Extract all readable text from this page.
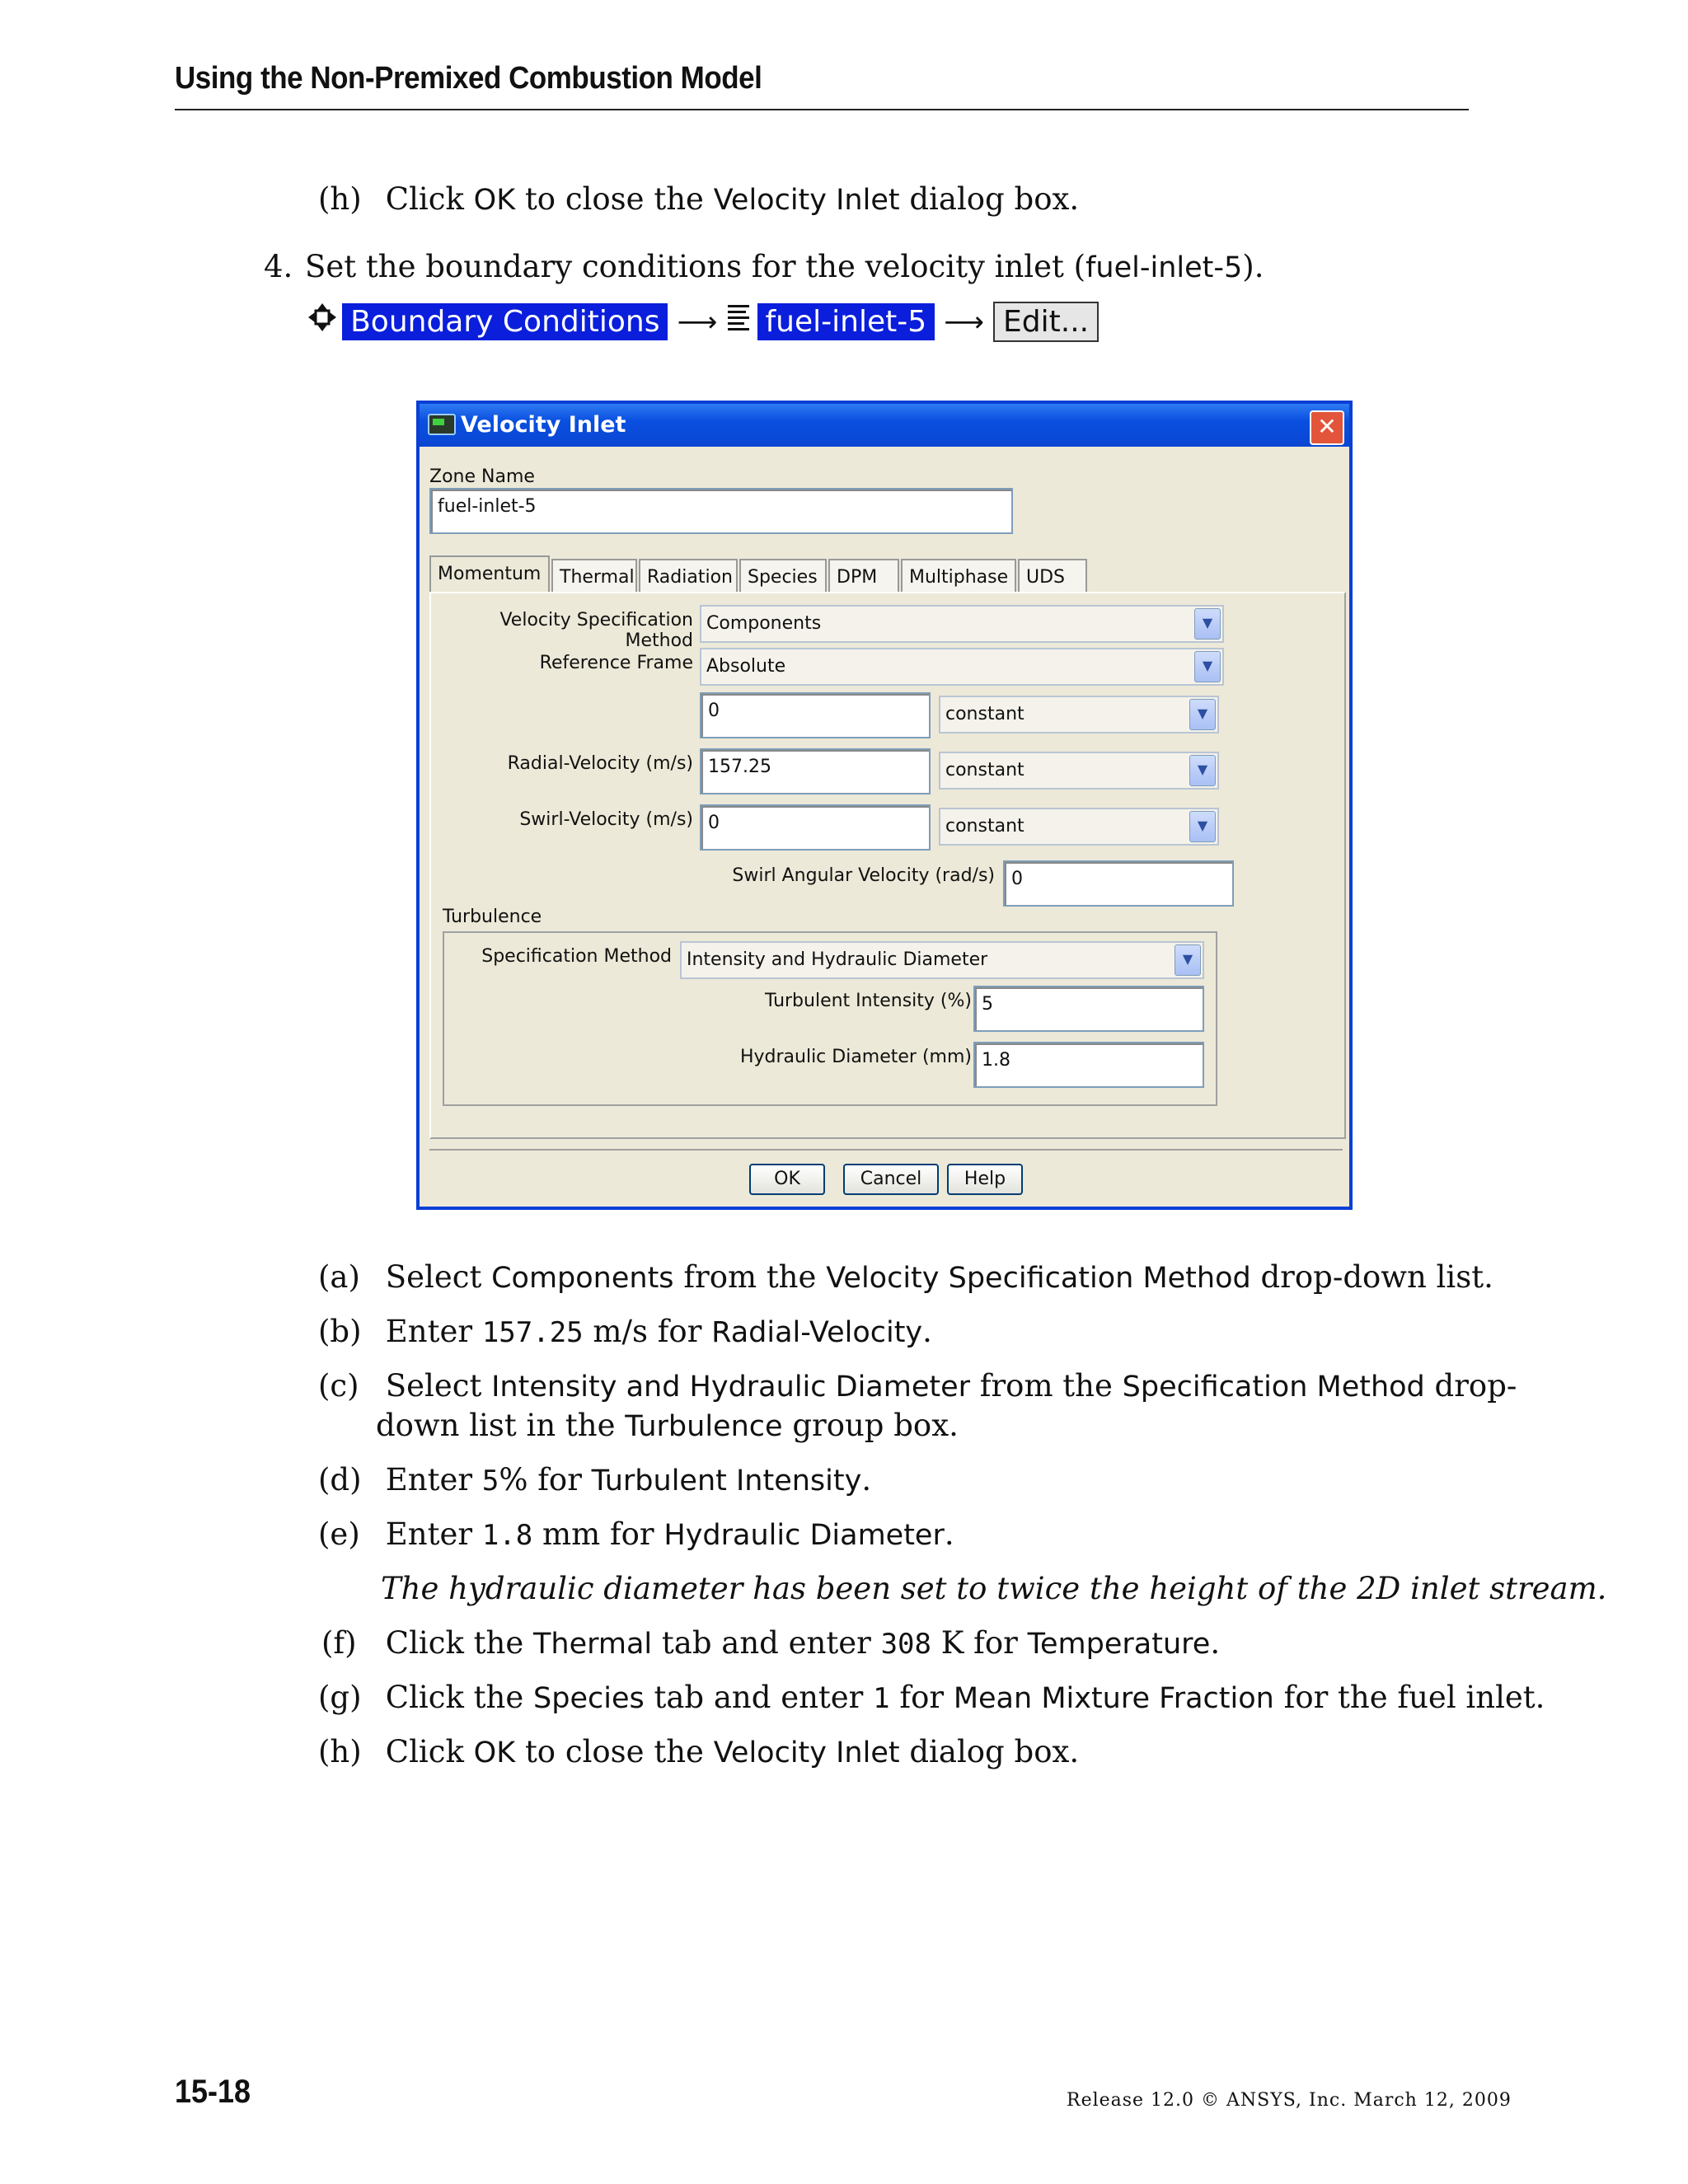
Using the Non-Premixed Combustion Model
(h) Click OK to close the Velocity Inlet dialog box.
4. Set the boundary conditions for the velocity inlet (fuel-inlet-5).
Boundary Conditions ⟶ fuel-inlet-5 ⟶ Edit...
Velocity Inlet	✕
Zone Name
fuel-inlet-5
Momentum	Thermal Radiation Species	DPM	Multiphase UDS
Velocity Specification Method
Components	▼
Reference Frame Absolute	▼
0	constant	▼
Radial-Velocity (m/s) 157.25	constant	▼
Swirl-Velocity (m/s) 0	constant	▼
Swirl Angular Velocity (rad/s) 0
Turbulence
Specification Method Intensity and Hydraulic Diameter	▼
Turbulent Intensity (%) 5
Hydraulic Diameter (mm) 1.8
OK	Cancel	Help
(a) Select Components from the Velocity Specification Method drop-down list.
(b) Enter 157.25 m/s for Radial-Velocity.
(c) Select Intensity and Hydraulic Diameter from the Specification Method drop-
down list in the Turbulence group box.
(d) Enter 5% for Turbulent Intensity.
(e) Enter 1.8 mm for Hydraulic Diameter.
The hydraulic diameter has been set to twice the height of the 2D inlet stream.
(f) Click the Thermal tab and enter 308 K for Temperature.
(g) Click the Species tab and enter 1 for Mean Mixture Fraction for the fuel inlet.
(h) Click OK to close the Velocity Inlet dialog box.
15-18	Release 12.0 © ANSYS, Inc. March 12, 2009
